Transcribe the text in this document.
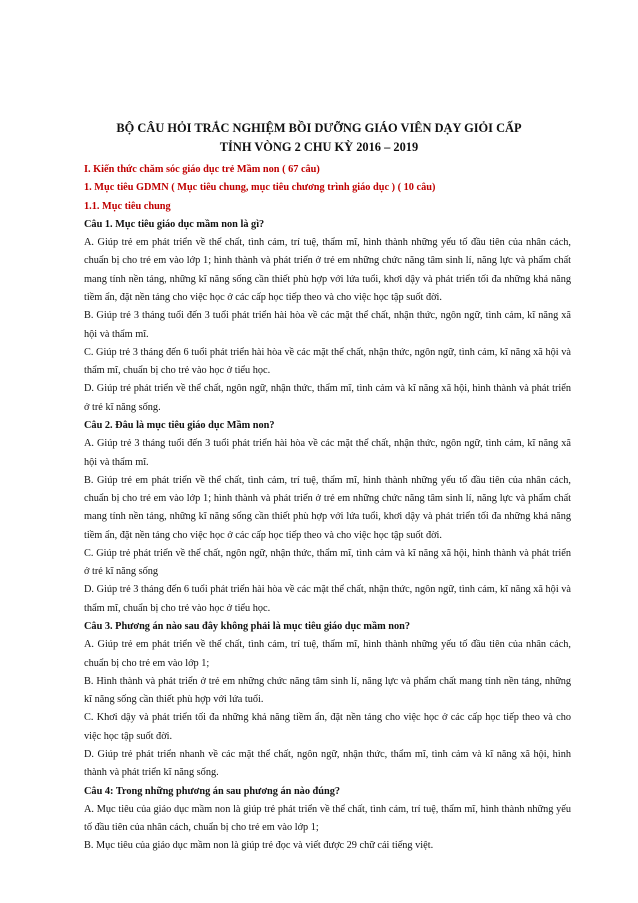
BỘ CÂU HỎI TRẮC NGHIỆM BỒI DƯỠNG GIÁO VIÊN DẠY GIỎI CẤP
TỈNH VÒNG 2 CHU KỲ 2016 – 2019

I. Kiến thức chăm sóc giáo dục trẻ Mầm non ( 67 câu)

1. Mục tiêu GDMN ( Mục tiêu chung, mục tiêu chương trình giáo dục ) ( 10 câu)

1.1. Mục tiêu chung

Câu 1. Mục tiêu giáo dục mầm non là gì?

A. Giúp trẻ em phát triển về thể chất, tình cảm, trí tuệ, thẩm mĩ, hình thành những yếu tố đầu tiên của nhân cách, chuẩn bị cho trẻ em vào lớp 1; hình thành và phát triển ở trẻ em những chức năng tâm sinh lí, năng lực và phẩm chất mang tính nền tảng, những kĩ năng sống cần thiết phù hợp với lứa tuổi, khơi dậy và phát triển tối đa những khả năng tiềm ẩn, đặt nền tảng cho việc học ở các cấp học tiếp theo và cho việc học tập suốt đời.

B. Giúp trẻ 3 tháng tuổi đến 3 tuổi phát triển hài hòa về các mặt thể chất, nhận thức, ngôn ngữ, tình cảm, kĩ năng xã hội và thẩm mĩ.

C. Giúp trẻ 3 tháng đến 6 tuổi phát triển hài hòa về các mặt thể chất, nhận thức, ngôn ngữ, tình cảm, kĩ năng xã hội và thẩm mĩ, chuẩn bị cho trẻ vào học ở tiểu học.

D. Giúp trẻ phát triển về thể chất, ngôn ngữ, nhận thức, thẩm mĩ, tình cảm và kĩ năng xã hội, hình thành và phát triển ở trẻ kĩ năng sống.

Câu 2. Đâu là mục tiêu giáo dục Mầm non?

A. Giúp trẻ 3 tháng tuổi đến 3 tuổi phát triển hài hòa về các mặt thể chất, nhận thức, ngôn ngữ, tình cảm, kĩ năng xã hội và thẩm mĩ.

B. Giúp trẻ em phát triển về thể chất, tình cảm, trí tuệ, thẩm mĩ, hình thành những yếu tố đầu tiên của nhân cách, chuẩn bị cho trẻ em vào lớp 1; hình thành và phát triển ở trẻ em những chức năng tâm sinh lí, năng lực và phẩm chất mang tính nền tảng, những kĩ năng sống cần thiết phù hợp với lứa tuổi, khơi dậy và phát triển tối đa những khả năng tiềm ẩn, đặt nền tảng cho việc học ở các cấp học tiếp theo và cho việc học tập suốt đời.

C. Giúp trẻ phát triển về thể chất, ngôn ngữ, nhận thức, thẩm mĩ, tình cảm và kĩ năng xã hội, hình thành và phát triển ở trẻ kĩ năng sống

D. Giúp trẻ 3 tháng đến 6 tuổi phát triển hài hòa về các mặt thể chất, nhận thức, ngôn ngữ, tình cảm, kĩ năng xã hội và thẩm mĩ, chuẩn bị cho trẻ vào học ở tiểu học.

Câu 3. Phương án nào sau đây không phải là mục tiêu giáo dục mầm non?

A. Giúp trẻ em phát triển về thể chất, tình cảm, trí tuệ, thẩm mĩ, hình thành những yếu tố đầu tiên của nhân cách, chuẩn bị cho trẻ em vào lớp 1;

B. Hình thành và phát triển ở trẻ em những chức năng tâm sinh lí, năng lực và phẩm chất mang tính nền tảng, những kĩ năng sống cần thiết phù hợp với lứa tuổi.

C. Khơi dậy và phát triển tối đa những khả năng tiềm ẩn, đặt nền tảng cho việc học ở các cấp học tiếp theo và cho việc học tập suốt đời.

D. Giúp trẻ phát triển nhanh về các mặt thể chất, ngôn ngữ, nhận thức, thẩm mĩ, tình cảm và kĩ năng xã hội, hình thành và phát triển kĩ năng sống.

Câu 4: Trong những phương án sau phương án nào đúng?

A. Mục tiêu của giáo dục mầm non là giúp trẻ phát triển về thể chất, tình cảm, trí tuệ, thẩm mĩ, hình thành những yếu tố đầu tiên của nhân cách, chuẩn bị cho trẻ em vào lớp 1;

B. Mục tiêu của giáo dục mầm non là giúp trẻ đọc và viết được 29 chữ cái tiếng việt.
